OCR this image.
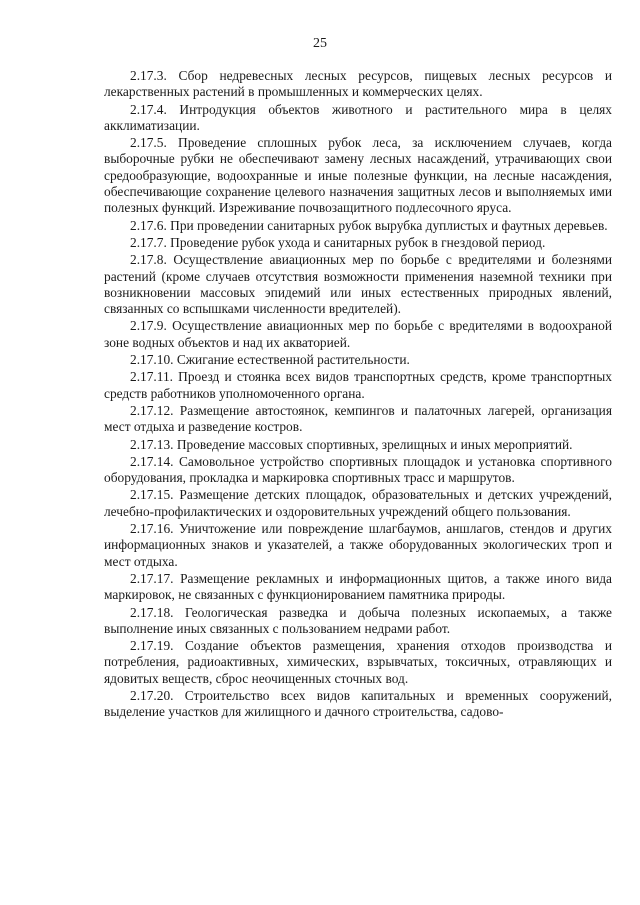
25

2.17.3. Сбор недревесных лесных ресурсов, пищевых лесных ресурсов и лекарственных растений в промышленных и коммерческих целях.

2.17.4. Интродукция объектов животного и растительного мира в целях акклиматизации.

2.17.5. Проведение сплошных рубок леса, за исключением случаев, когда выборочные рубки не обеспечивают замену лесных насаждений, утрачивающих свои средообразующие, водоохранные и иные полезные функции, на лесные насаждения, обеспечивающие сохранение целевого назначения защитных лесов и выполняемых ими полезных функций. Изреживание почвозащитного подлесочного яруса.

2.17.6. При проведении санитарных рубок вырубка дуплистых и фаутных деревьев.

2.17.7. Проведение рубок ухода и санитарных рубок в гнездовой период.

2.17.8. Осуществление авиационных мер по борьбе с вредителями и болезнями растений (кроме случаев отсутствия возможности применения наземной техники при возникновении массовых эпидемий или иных естественных природных явлений, связанных со вспышками численности вредителей).

2.17.9. Осуществление авиационных мер по борьбе с вредителями в водоохраной зоне водных объектов и над их акваторией.

2.17.10. Сжигание естественной растительности.

2.17.11. Проезд и стоянка всех видов транспортных средств, кроме транспортных средств работников уполномоченного органа.

2.17.12. Размещение автостоянок, кемпингов и палаточных лагерей, организация мест отдыха и разведение костров.

2.17.13. Проведение массовых спортивных, зрелищных и иных мероприятий.

2.17.14. Самовольное устройство спортивных площадок и установка спортивного оборудования, прокладка и маркировка спортивных трасс и маршрутов.

2.17.15. Размещение детских площадок, образовательных и детских учреждений, лечебно-профилактических и оздоровительных учреждений общего пользования.

2.17.16. Уничтожение или повреждение шлагбаумов, аншлагов, стендов и других информационных знаков и указателей, а также оборудованных экологических троп и мест отдыха.

2.17.17. Размещение рекламных и информационных щитов, а также иного вида маркировок, не связанных с функционированием памятника природы.

2.17.18. Геологическая разведка и добыча полезных ископаемых, а также выполнение иных связанных с пользованием недрами работ.

2.17.19. Создание объектов размещения, хранения отходов производства и потребления, радиоактивных, химических, взрывчатых, токсичных, отравляющих и ядовитых веществ, сброс неочищенных сточных вод.

2.17.20. Строительство всех видов капитальных и временных сооружений, выделение участков для жилищного и дачного строительства, садово-
